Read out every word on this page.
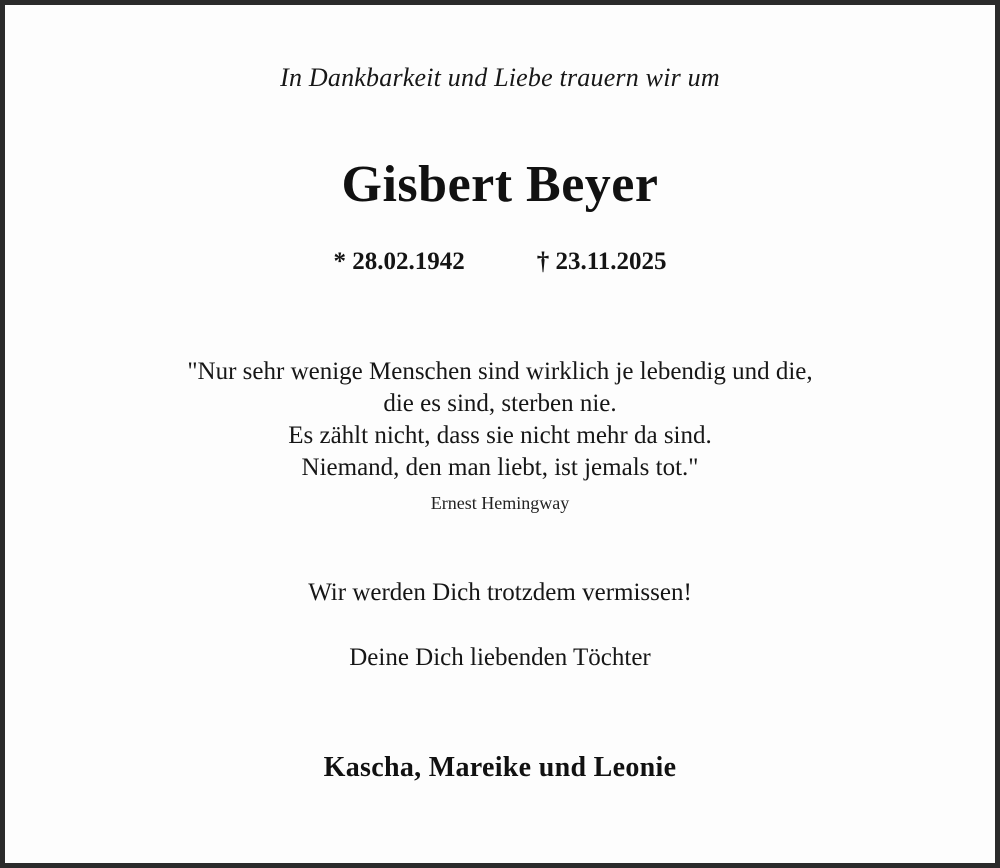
In Dankbarkeit und Liebe trauern wir um

Gisbert Beyer
* 28.02.1942	† 23.11.2025
"Nur sehr wenige Menschen sind wirklich je lebendig und die,
die es sind, sterben nie.
Es zählt nicht, dass sie nicht mehr da sind.
Niemand, den man liebt, ist jemals tot."
Ernest Hemingway
Wir werden Dich trotzdem vermissen!
Deine Dich liebenden Töchter
Kascha, Mareike und Leonie
